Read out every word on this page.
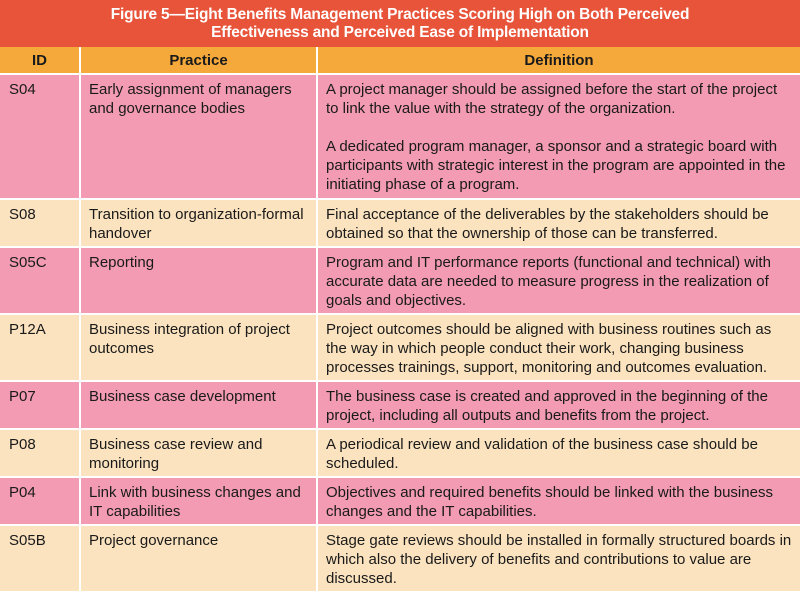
Figure 5—Eight Benefits Management Practices Scoring High on Both Perceived
Effectiveness and Perceived Ease of Implementation
ID	Practice	Definition
S04	Early assignment of managers and governance bodies	A project manager should be assigned before the start of the project to link the value with the strategy of the organization.
A dedicated program manager, a sponsor and a strategic board with participants with strategic interest in the program are appointed in the initiating phase of a program.

S08	Transition to organization-formal handover	Final acceptance of the deliverables by the stakeholders should be obtained so that the ownership of those can be transferred.
S05C	Reporting	Program and IT performance reports (functional and technical) with accurate data are needed to measure progress in the realization of goals and objectives.
P12A	Business integration of project outcomes	Project outcomes should be aligned with business routines such as the way in which people conduct their work, changing business processes trainings, support, monitoring and outcomes evaluation.
P07	Business case development	The business case is created and approved in the beginning of the project, including all outputs and benefits from the project.
P08	Business case review and monitoring	A periodical review and validation of the business case should be scheduled.
P04	Link with business changes and IT capabilities	Objectives and required benefits should be linked with the business changes and the IT capabilities.
S05B	Project governance	Stage gate reviews should be installed in formally structured boards in which also the delivery of benefits and contributions to value are discussed.
